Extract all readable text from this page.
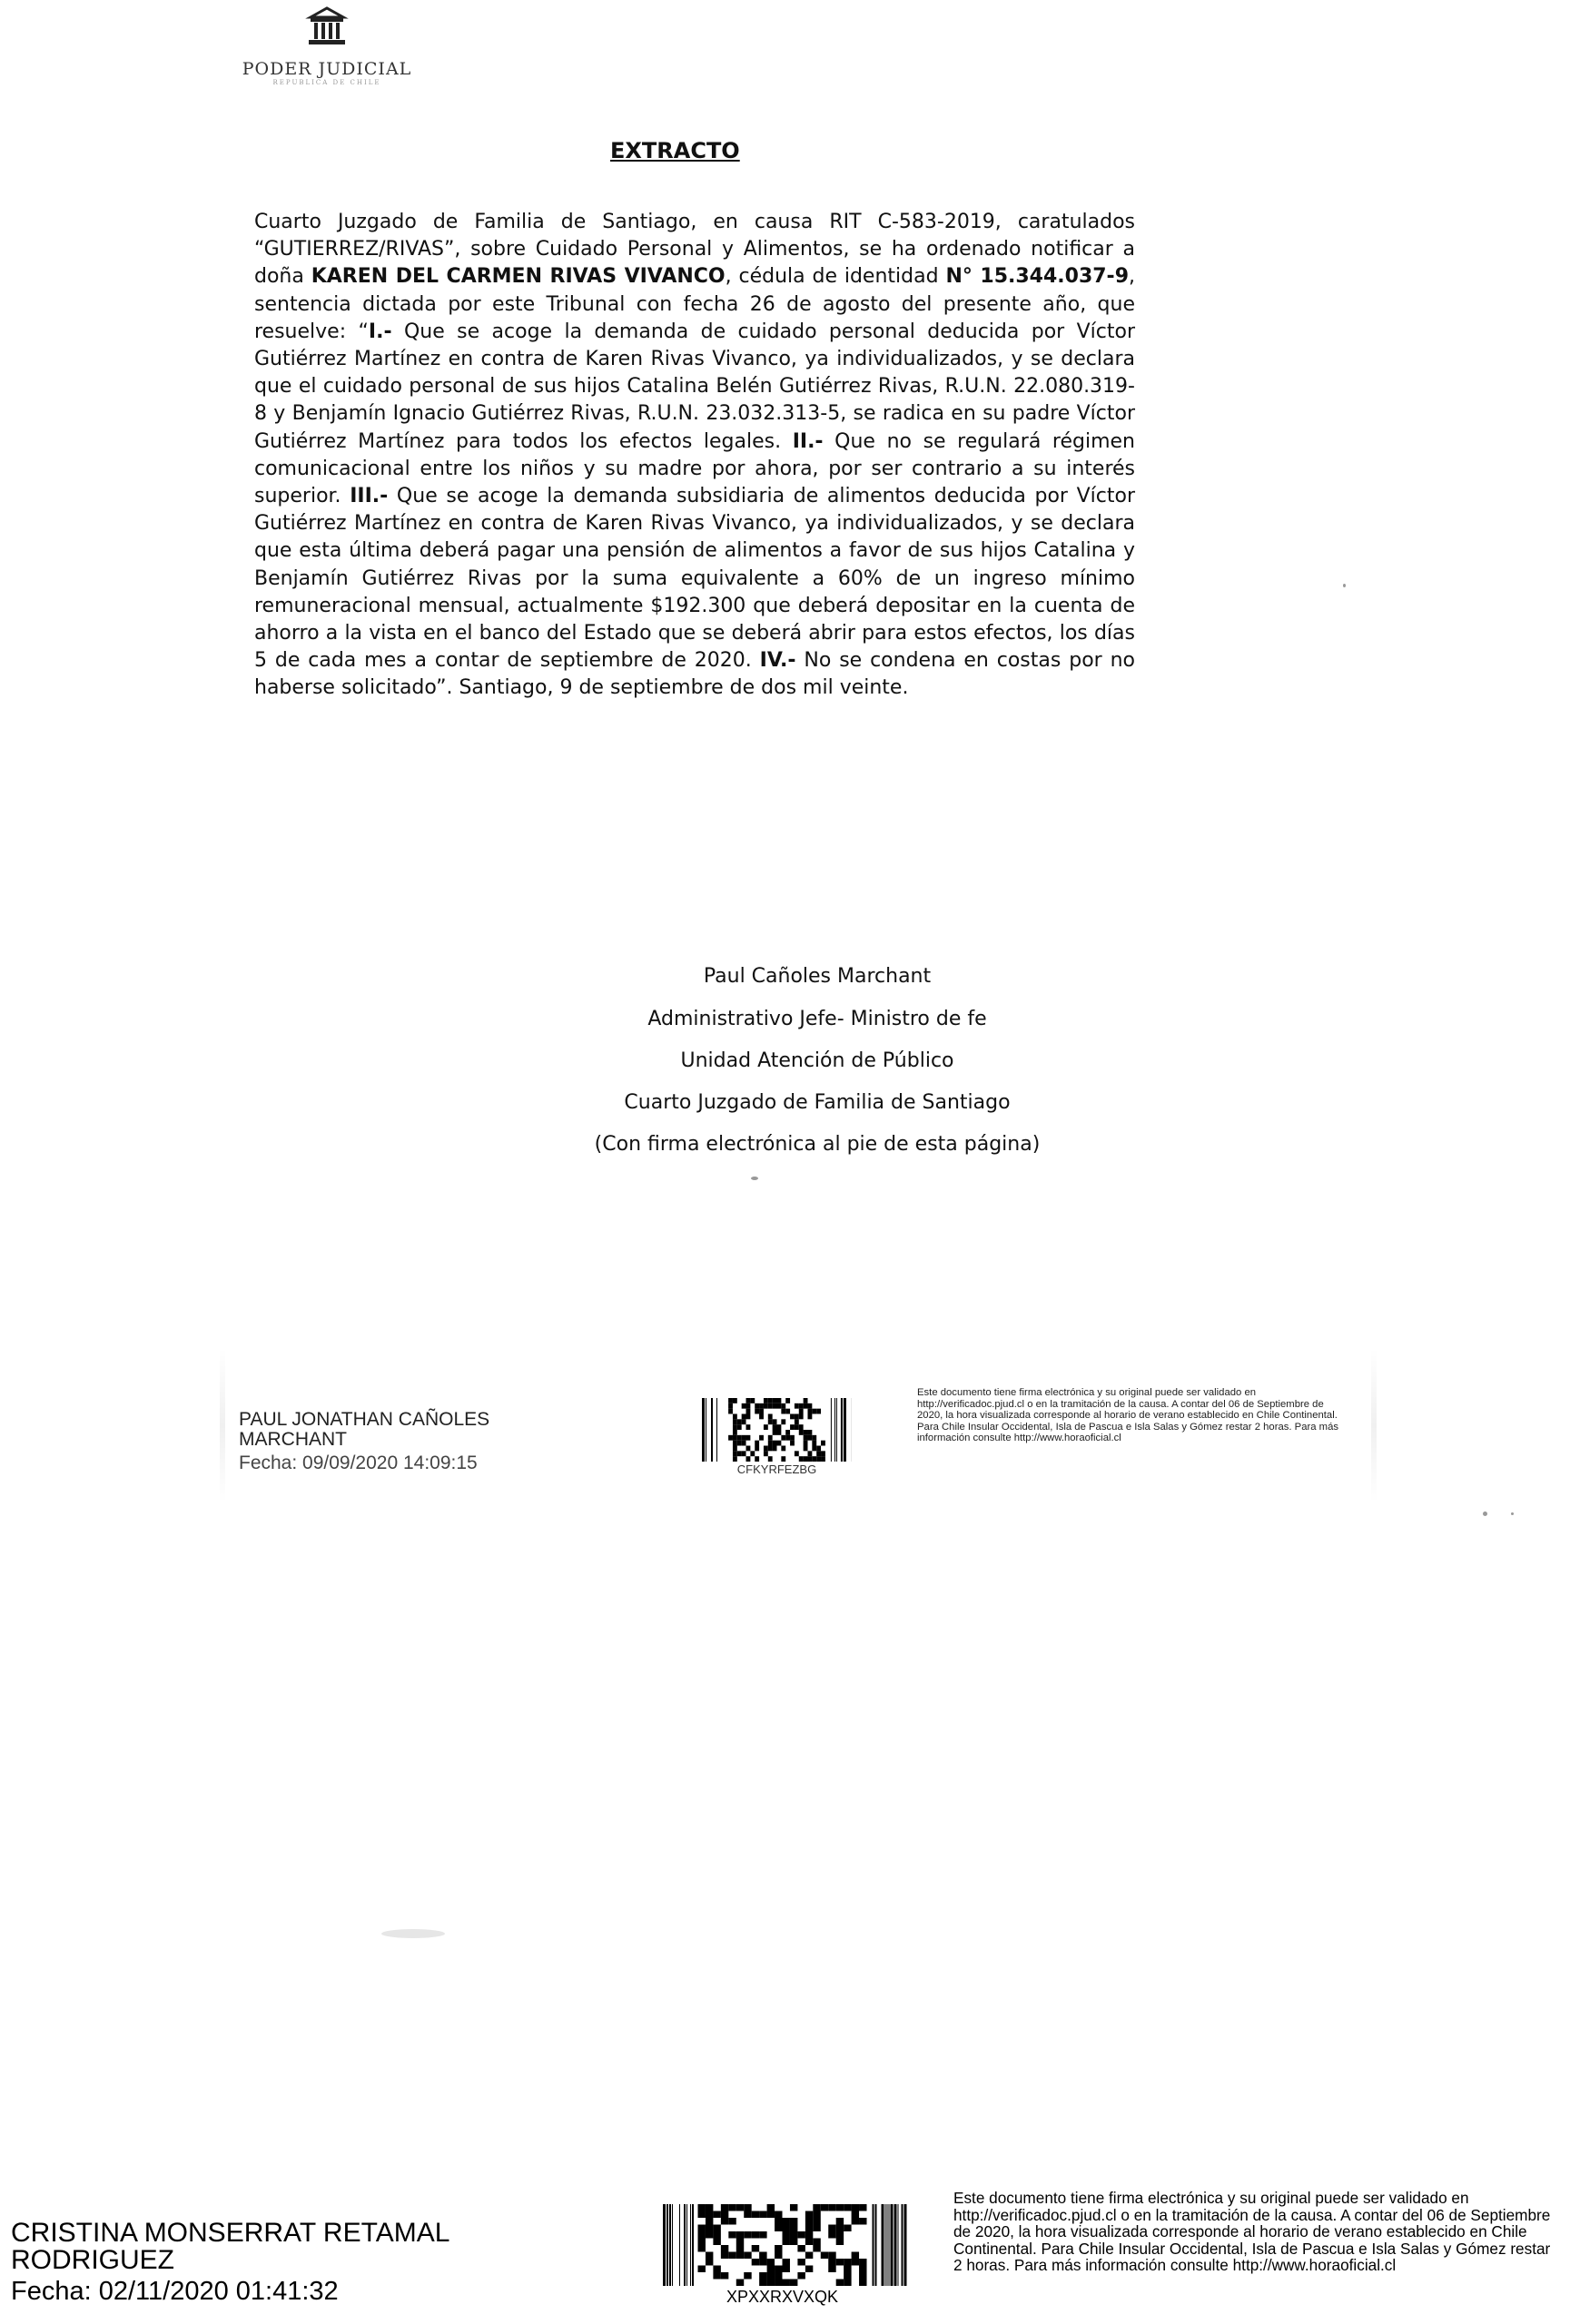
PODER JUDICIAL
REPUBLICA DE CHILE
EXTRACTO
Cuarto Juzgado de Familia de Santiago, en causa RIT C-583-2019, caratulados “GUTIERREZ/RIVAS”, sobre Cuidado Personal y Alimentos, se ha ordenado notificar a doña KAREN DEL CARMEN RIVAS VIVANCO, cédula de identidad N° 15.344.037-9, sentencia dictada por este Tribunal con fecha 26 de agosto del presente año, que resuelve: “I.- Que se acoge la demanda de cuidado personal deducida por Víctor Gutiérrez Martínez en contra de Karen Rivas Vivanco, ya individualizados, y se declara que el cuidado personal de sus hijos Catalina Belén Gutiérrez Rivas, R.U.N. 22.080.319-8 y Benjamín Ignacio Gutiérrez Rivas, R.U.N. 23.032.313-5, se radica en su padre Víctor Gutiérrez Martínez para todos los efectos legales. II.- Que no se regulará régimen comunicacional entre los niños y su madre por ahora, por ser contrario a su interés superior. III.- Que se acoge la demanda subsidiaria de alimentos deducida por Víctor Gutiérrez Martínez en contra de Karen Rivas Vivanco, ya individualizados, y se declara que esta última deberá pagar una pensión de alimentos a favor de sus hijos Catalina y Benjamín Gutiérrez Rivas por la suma equivalente a 60% de un ingreso mínimo remuneracional mensual, actualmente $192.300 que deberá depositar en la cuenta de ahorro a la vista en el banco del Estado que se deberá abrir para estos efectos, los días 5 de cada mes a contar de septiembre de 2020. IV.- No se condena en costas por no haberse solicitado”. Santiago, 9 de septiembre de dos mil veinte.
Paul Cañoles Marchant
Administrativo Jefe- Ministro de fe
Unidad Atención de Público
Cuarto Juzgado de Familia de Santiago
(Con firma electrónica al pie de esta página)
PAUL JONATHAN CAÑOLES
MARCHANT
Fecha: 09/09/2020 14:09:15	CFKYRFEZBG
Este documento tiene firma electrónica y su original puede ser validado en http://verificadoc.pjud.cl o en la tramitación de la causa. A contar del 06 de Septiembre de 2020, la hora visualizada corresponde al horario de verano establecido en Chile Continental. Para Chile Insular Occidental, Isla de Pascua e Isla Salas y Gómez restar 2 horas. Para más información consulte http://www.horaoficial.cl
CRISTINA MONSERRAT RETAMAL
RODRIGUEZ
Fecha: 02/11/2020 01:41:32	XPXXRXVXQK
Este documento tiene firma electrónica y su original puede ser validado en http://verificadoc.pjud.cl o en la tramitación de la causa. A contar del 06 de Septiembre de 2020, la hora visualizada corresponde al horario de verano establecido en Chile Continental. Para Chile Insular Occidental, Isla de Pascua e Isla Salas y Gómez restar 2 horas. Para más información consulte http://www.horaoficial.cl
